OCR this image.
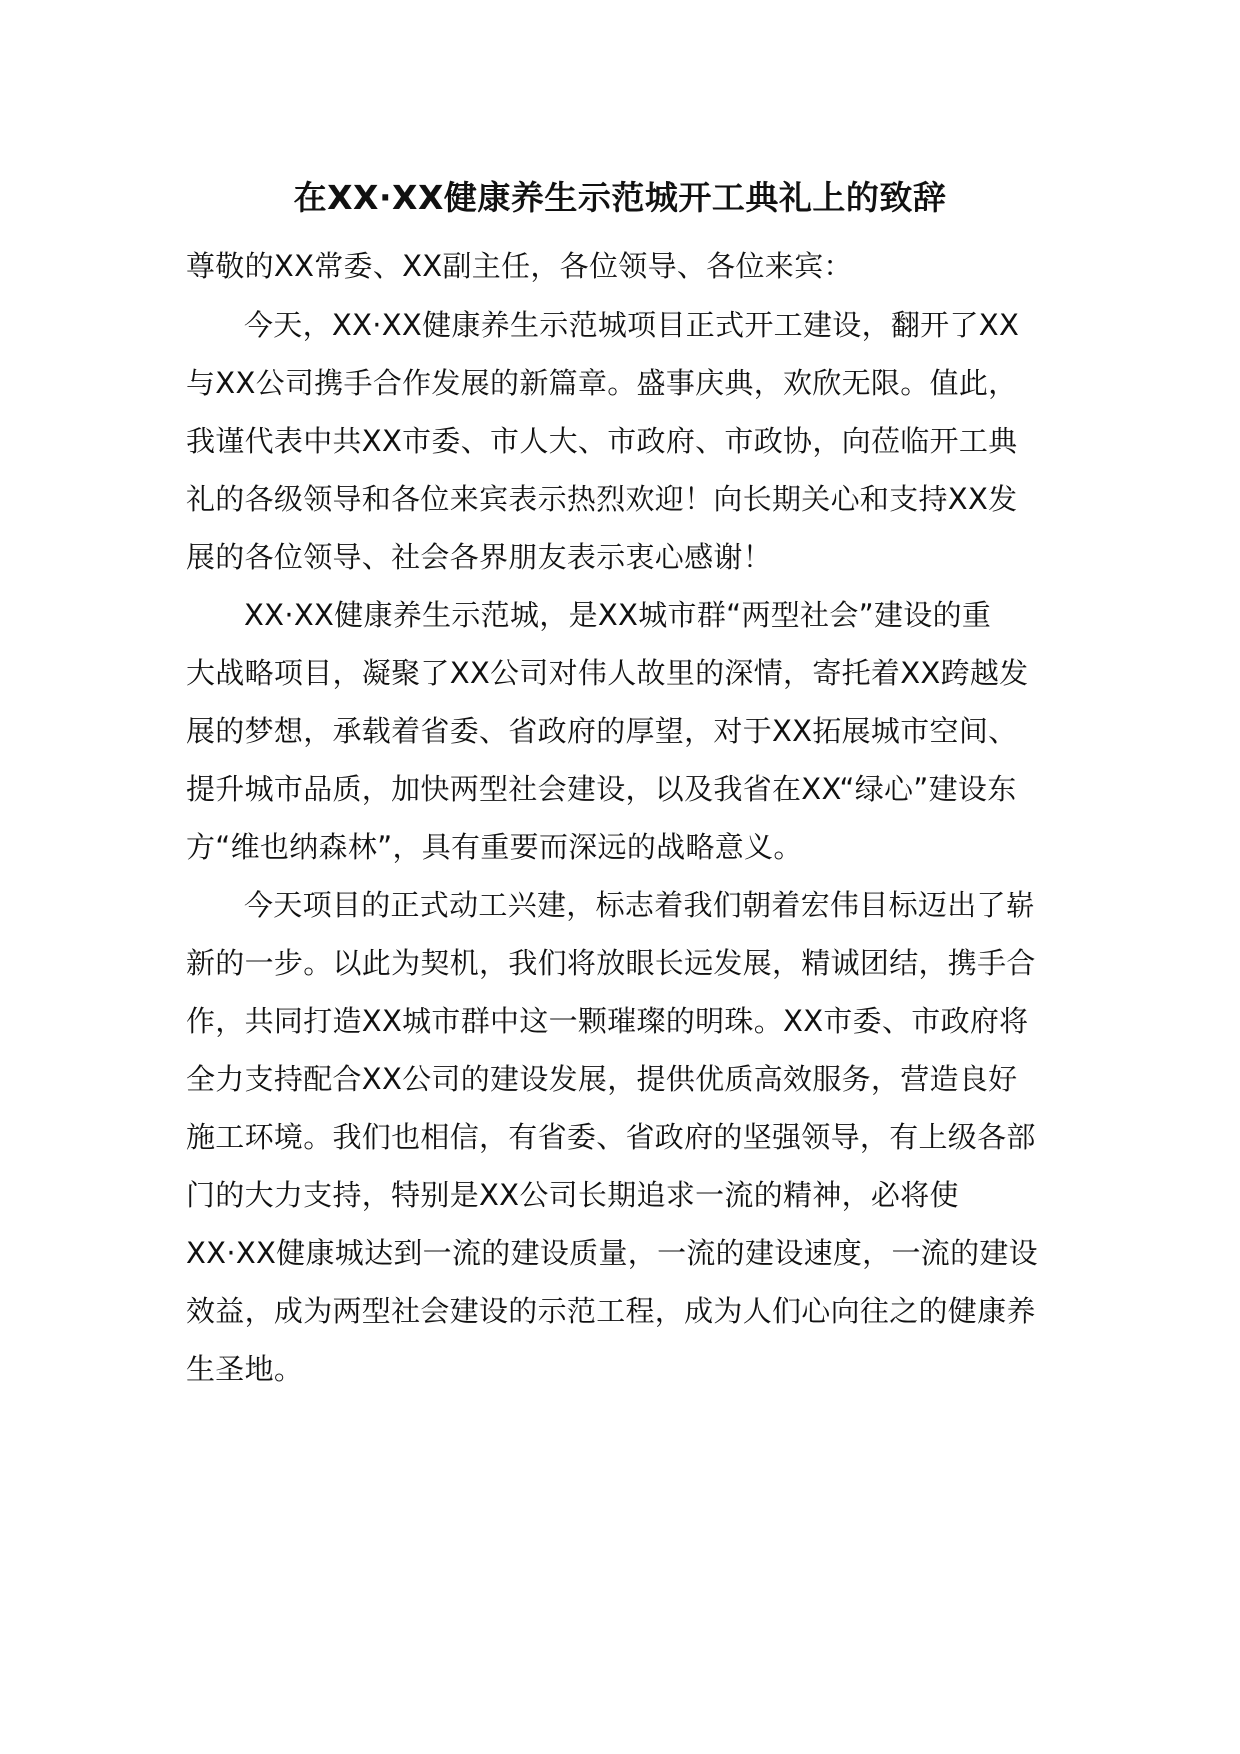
在XX·XX健康养生示范城开工典礼上的致辞
尊敬的XX常委、XX副主任，各位领导、各位来宾：
今天，XX·XX健康养生示范城项目正式开工建设，翻开了XX
与XX公司携手合作发展的新篇章。盛事庆典，欢欣无限。值此，
我谨代表中共XX市委、市人大、市政府、市政协，向莅临开工典
礼的各级领导和各位来宾表示热烈欢迎！向长期关心和支持XX发
展的各位领导、社会各界朋友表示衷心感谢！
XX·XX健康养生示范城，是XX城市群“两型社会”建设的重
大战略项目，凝聚了XX公司对伟人故里的深情，寄托着XX跨越发
展的梦想，承载着省委、省政府的厚望，对于XX拓展城市空间、
提升城市品质，加快两型社会建设，以及我省在XX“绿心”建设东
方“维也纳森林”，具有重要而深远的战略意义。
今天项目的正式动工兴建，标志着我们朝着宏伟目标迈出了崭
新的一步。以此为契机，我们将放眼长远发展，精诚团结，携手合
作，共同打造XX城市群中这一颗璀璨的明珠。XX市委、市政府将
全力支持配合XX公司的建设发展，提供优质高效服务，营造良好
施工环境。我们也相信，有省委、省政府的坚强领导，有上级各部
门的大力支持，特别是XX公司长期追求一流的精神，必将使
XX·XX健康城达到一流的建设质量，一流的建设速度，一流的建设
效益，成为两型社会建设的示范工程，成为人们心向往之的健康养
生圣地。
